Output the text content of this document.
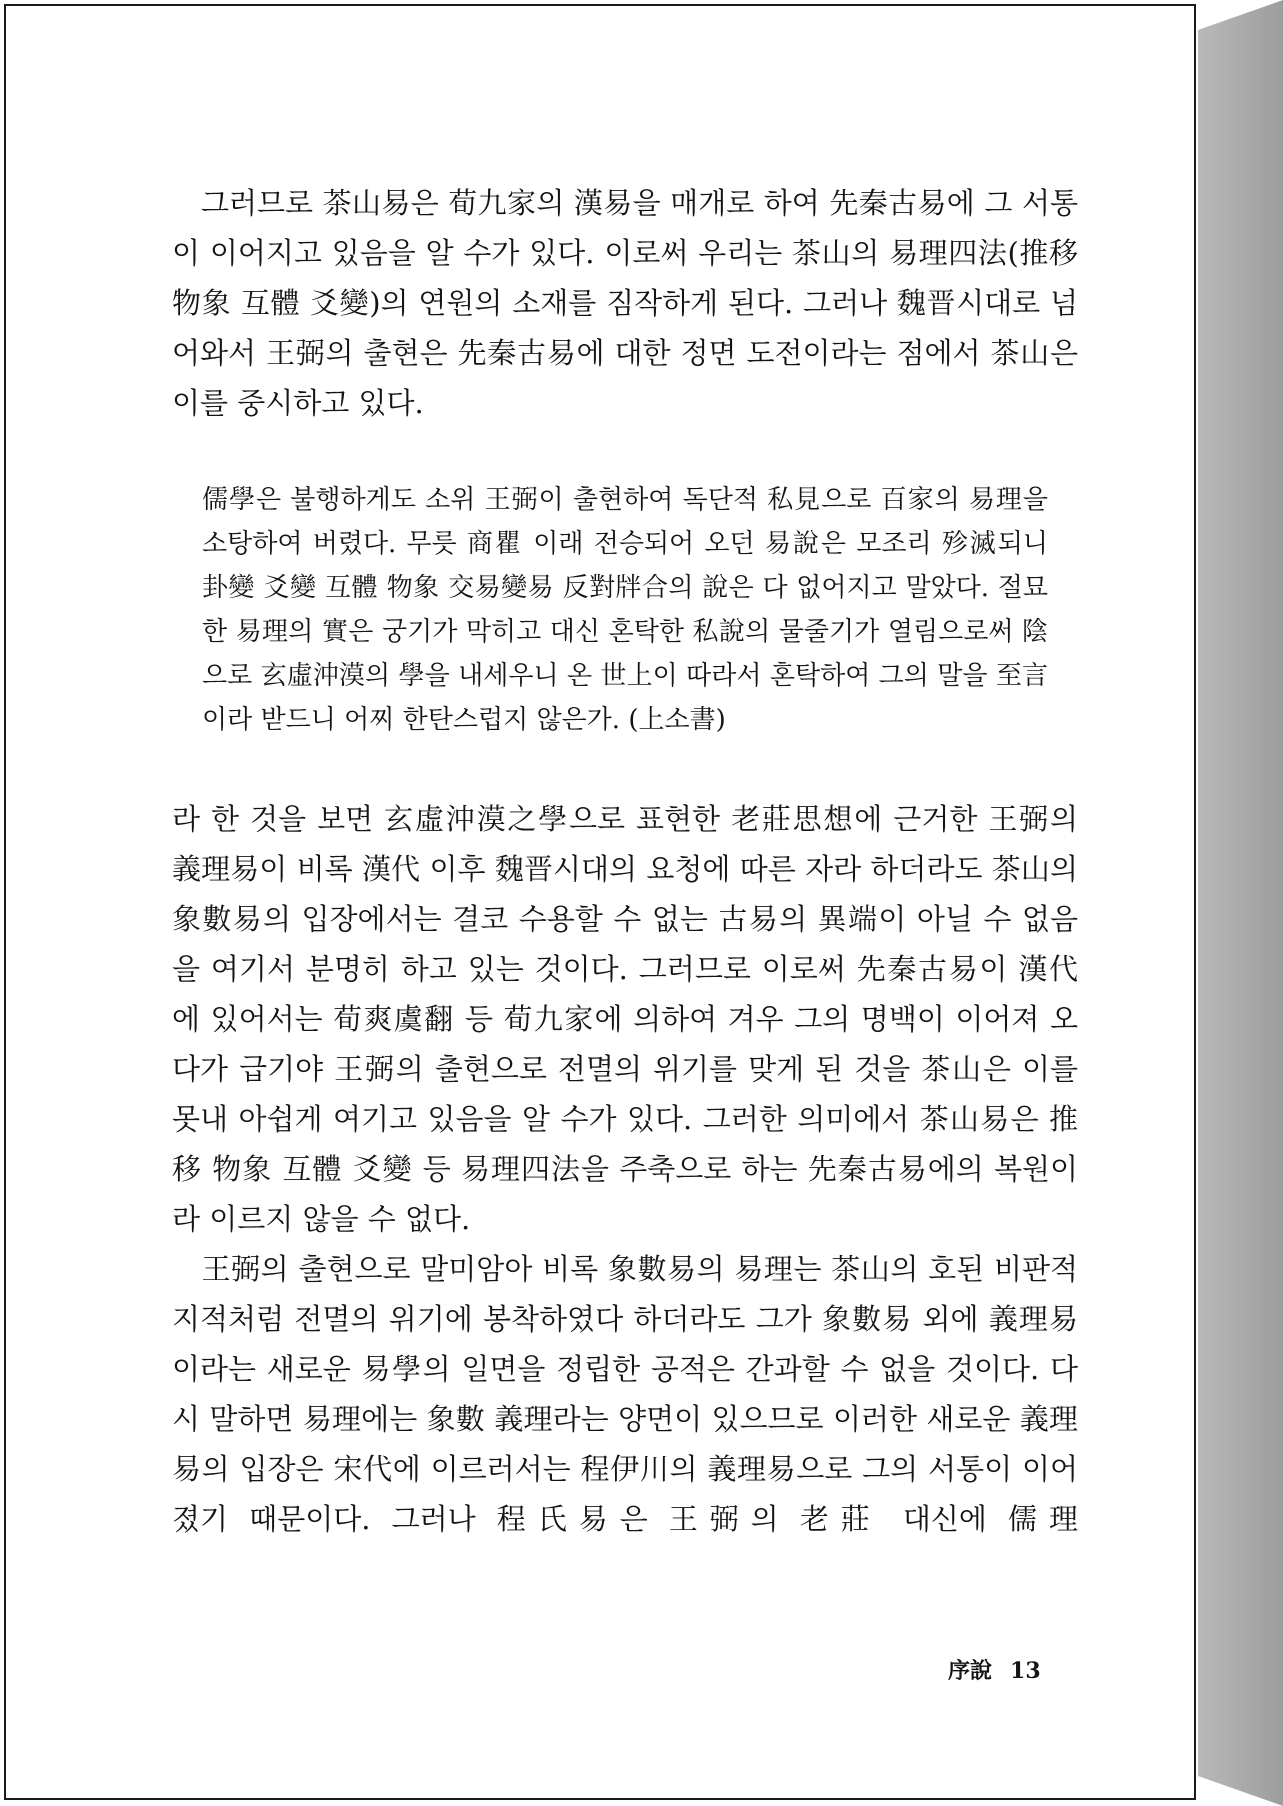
그러므로 茶山易은 荀九家의 漢易을 매개로 하여 先秦古易에 그 서통이 이어지고 있음을 알 수가 있다. 이로써 우리는 茶山의 易理四法(推移 物象 互體 爻變)의 연원의 소재를 짐작하게 된다. 그러나 魏晋시대로 넘어와서 王弼의 출현은 先秦古易에 대한 정면 도전이라는 점에서 茶山은 이를 중시하고 있다.

儒學은 불행하게도 소위 王弼이 출현하여 독단적 私見으로 百家의 易理을 소탕하여 버렸다. 무릇 商瞿 이래 전승되어 오던 易說은 모조리 殄滅되니 卦變 爻變 互體 物象 交易變易 反對牉合의 說은 다 없어지고 말았다. 절묘한 易理의 實은 궁기가 막히고 대신 혼탁한 私說의 물줄기가 열림으로써 陰으로 玄虛沖漠의 學을 내세우니 온 世上이 따라서 혼탁하여 그의 말을 至言이라 받드니 어찌 한탄스럽지 않은가. (上소書)

라 한 것을 보면 玄虛沖漠之學으로 표현한 老莊思想에 근거한 王弼의 義理易이 비록 漢代 이후 魏晋시대의 요청에 따른 자라 하더라도 茶山의 象數易의 입장에서는 결코 수용할 수 없는 古易의 異端이 아닐 수 없음을 여기서 분명히 하고 있는 것이다. 그러므로 이로써 先秦古易이 漢代에 있어서는 荀爽虞翻 등 荀九家에 의하여 겨우 그의 명백이 이어져 오다가 급기야 王弼의 출현으로 전멸의 위기를 맞게 된 것을 茶山은 이를 못내 아쉽게 여기고 있음을 알 수가 있다. 그러한 의미에서 茶山易은 推移 物象 互體 爻變 등 易理四法을 주축으로 하는 先秦古易에의 복원이라 이르지 않을 수 없다.

王弼의 출현으로 말미암아 비록 象數易의 易理는 茶山의 호된 비판적 지적처럼 전멸의 위기에 봉착하였다 하더라도 그가 象數易 외에 義理易이라는 새로운 易學의 일면을 정립한 공적은 간과할 수 없을 것이다. 다시 말하면 易理에는 象數 義理라는 양면이 있으므로 이러한 새로운 義理易의 입장은 宋代에 이르러서는 程伊川의 義理易으로 그의 서통이 이어졌기 때문이다. 그러나 程氏易은 王弼의 老莊 대신에 儒理

序說 13
